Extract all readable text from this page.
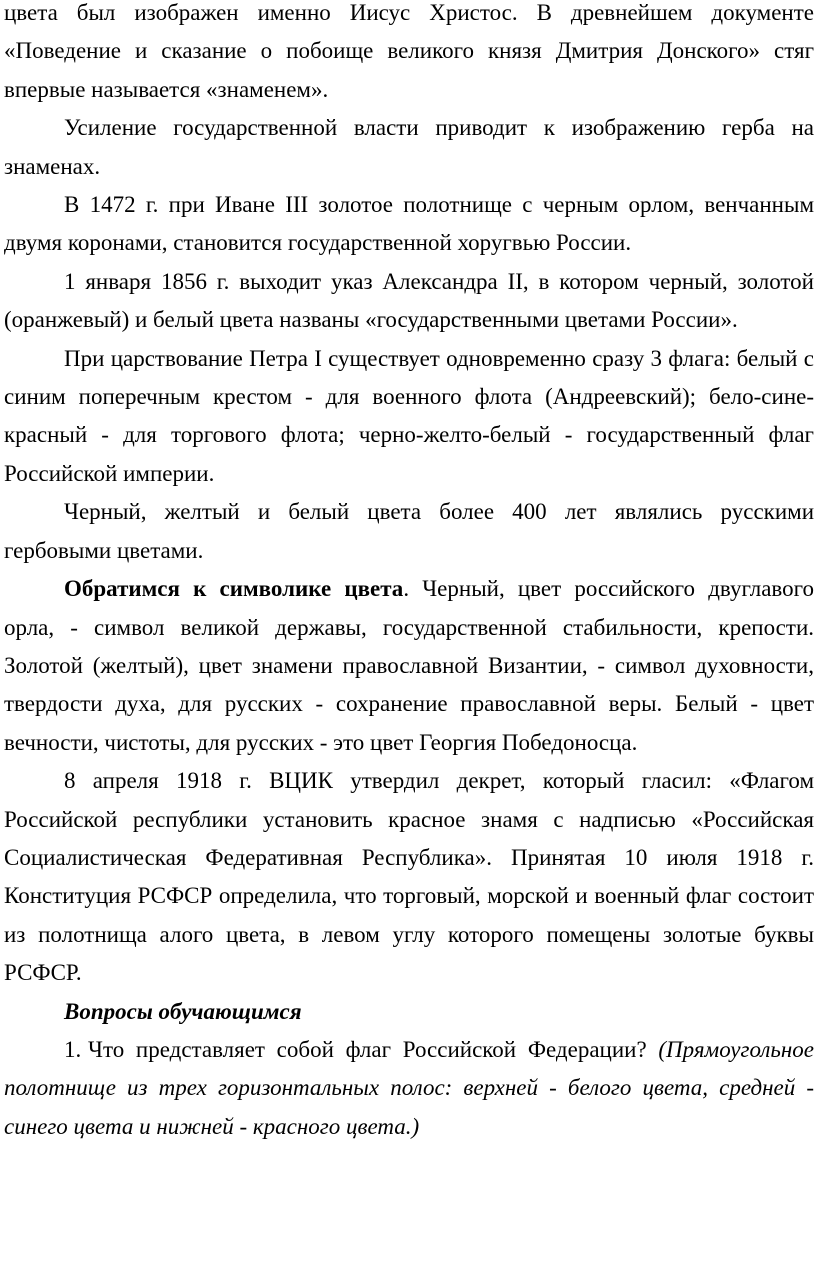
цвета был изображен именно Иисус Христос. В древнейшем документе «Поведение и сказание о побоище великого князя Дмитрия Донского» стяг впервые называется «знаменем».

Усиление государственной власти приводит к изображению герба на знаменах.

В 1472 г. при Иване III золотое полотнище с черным орлом, венчанным двумя коронами, становится государственной хоругвью России.

1 января 1856 г. выходит указ Александра II, в котором черный, золотой (оранжевый) и белый цвета названы «государственными цветами России».

При царствование Петра I существует одновременно сразу 3 флага: белый с синим поперечным крестом - для военного флота (Андреевский); бело-сине-красный - для торгового флота; черно-желто-белый - государственный флаг Российской империи.

Черный, желтый и белый цвета более 400 лет являлись русскими гербовыми цветами.

Обратимся к символике цвета. Черный, цвет российского двуглавого орла, - символ великой державы, государственной стабильности, крепости. Золотой (желтый), цвет знамени православной Византии, - символ духовности, твердости духа, для русских - сохранение православной веры. Белый - цвет вечности, чистоты, для русских - это цвет Георгия Победоносца.

8 апреля 1918 г. ВЦИК утвердил декрет, который гласил: «Флагом Российской республики установить красное знамя с надписью «Российская Социалистическая Федеративная Республика». Принятая 10 июля 1918 г. Конституция РСФСР определила, что торговый, морской и военный флаг состоит из полотнища алого цвета, в левом углу которого помещены золотые буквы РСФСР.

Вопросы обучающимся

1. Что представляет собой флаг Российской Федерации? (Прямоугольное полотнище из трех горизонтальных полос: верхней - белого цвета, средней - синего цвета и нижней - красного цвета.)
